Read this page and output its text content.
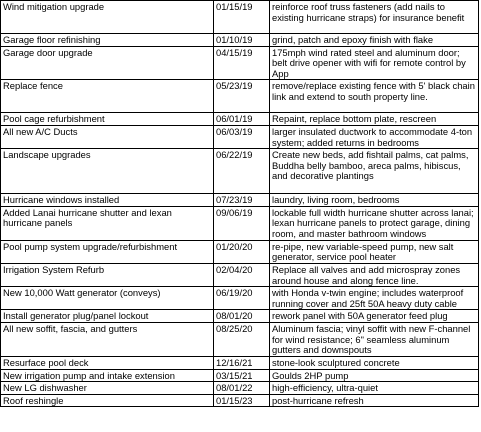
Wind mitigation upgrade	01/15/19	reinforce roof truss fasteners (add nails to existing hurricane straps) for insurance benefit
Garage floor refinishing	01/10/19	grind, patch and epoxy finish with flake
Garage door upgrade	04/15/19	175mph wind rated steel and aluminum door; belt drive opener with wifi for remote control by App
Replace fence	05/23/19	remove/replace existing fence with 5' black chain link and extend to south property line.
Pool cage refurbishment	06/01/19	Repaint, replace bottom plate, rescreen
All new A/C Ducts	06/03/19	larger insulated ductwork to accommodate 4-ton system; added returns in bedrooms
Landscape upgrades	06/22/19	Create new beds, add fishtail palms, cat palms, Buddha belly bamboo, areca palms, hibiscus, and decorative plantings
Hurricane windows installed	07/23/19	laundry, living room, bedrooms
Added Lanai hurricane shutter and lexan hurricane panels	09/06/19	lockable full width hurricane shutter across lanai; lexan hurricane panels to protect garage, dining room, and master bathroom windows
Pool pump system upgrade/refurbishment	01/20/20	re-pipe, new variable-speed pump, new salt generator, service pool heater
Irrigation System Refurb	02/04/20	Replace all valves and add microspray zones around house and along fence line.
New 10,000 Watt generator (conveys)	06/19/20	with Honda v-twin engine; includes waterproof running cover and 25ft 50A heavy duty cable
Install generator plug/panel lockout	08/01/20	rework panel with 50A generator feed plug
All new soffit, fascia, and gutters	08/25/20	Aluminum fascia; vinyl soffit with new F-channel for wind resistance; 6" seamless aluminum gutters and downspouts
Resurface pool deck	12/16/21	stone-look sculptured concrete
New irrigation pump and intake extension	03/15/21	Goulds 2HP pump
New LG dishwasher	08/01/22	high-efficiency, ultra-quiet
Roof reshingle	01/15/23	post-hurricane refresh
